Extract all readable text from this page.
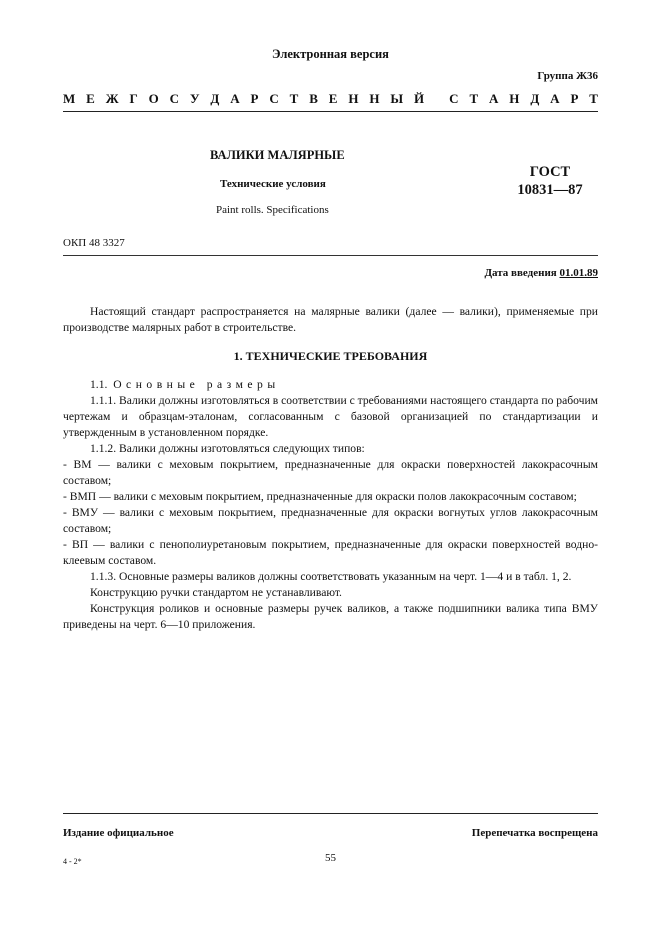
Электронная версия
Группа Ж36
М Е Ж Г О С У Д А Р С Т В Е Н Н Ы Й
С Т А Н Д А Р Т
ВАЛИКИ МАЛЯРНЫЕ
Технические условия
Paint rolls. Specifications
ГОСТ
10831—87
ОКП 48 3327
Дата введения 01.01.89

Настоящий стандарт распространяется на малярные валики (далее — валики), применяемые при производстве малярных работ в строительстве.

1. ТЕХНИЧЕСКИЕ ТРЕБОВАНИЯ

1.1. Основные размеры

1.1.1. Валики должны изготовляться в соответствии с требованиями настоящего стандарта по рабочим чертежам и образцам-эталонам, согласованным с базовой организацией по стандартизации и утвержденным в установленном порядке.

1.1.2. Валики должны изготовляться следующих типов:

- ВМ — валики с меховым покрытием, предназначенные для окраски поверхностей лакокрасочным составом;

- ВМП — валики с меховым покрытием, предназначенные для окраски полов лакокрасочным составом;

- ВМУ — валики с меховым покрытием, предназначенные для окраски вогнутых углов лакокрасочным составом;

- ВП — валики с пенополиуретановым покрытием, предназначенные для окраски поверхностей водно-клеевым составом.

1.1.3. Основные размеры валиков должны соответствовать указанным на черт. 1—4 и в табл. 1, 2.

Конструкцию ручки стандартом не устанавливают.

Конструкция роликов и основные размеры ручек валиков, а также подшипники валика типа ВМУ приведены на черт. 6—10 приложения.

Издание официальное	Перепечатка воспрещена
4 - 2*	55
